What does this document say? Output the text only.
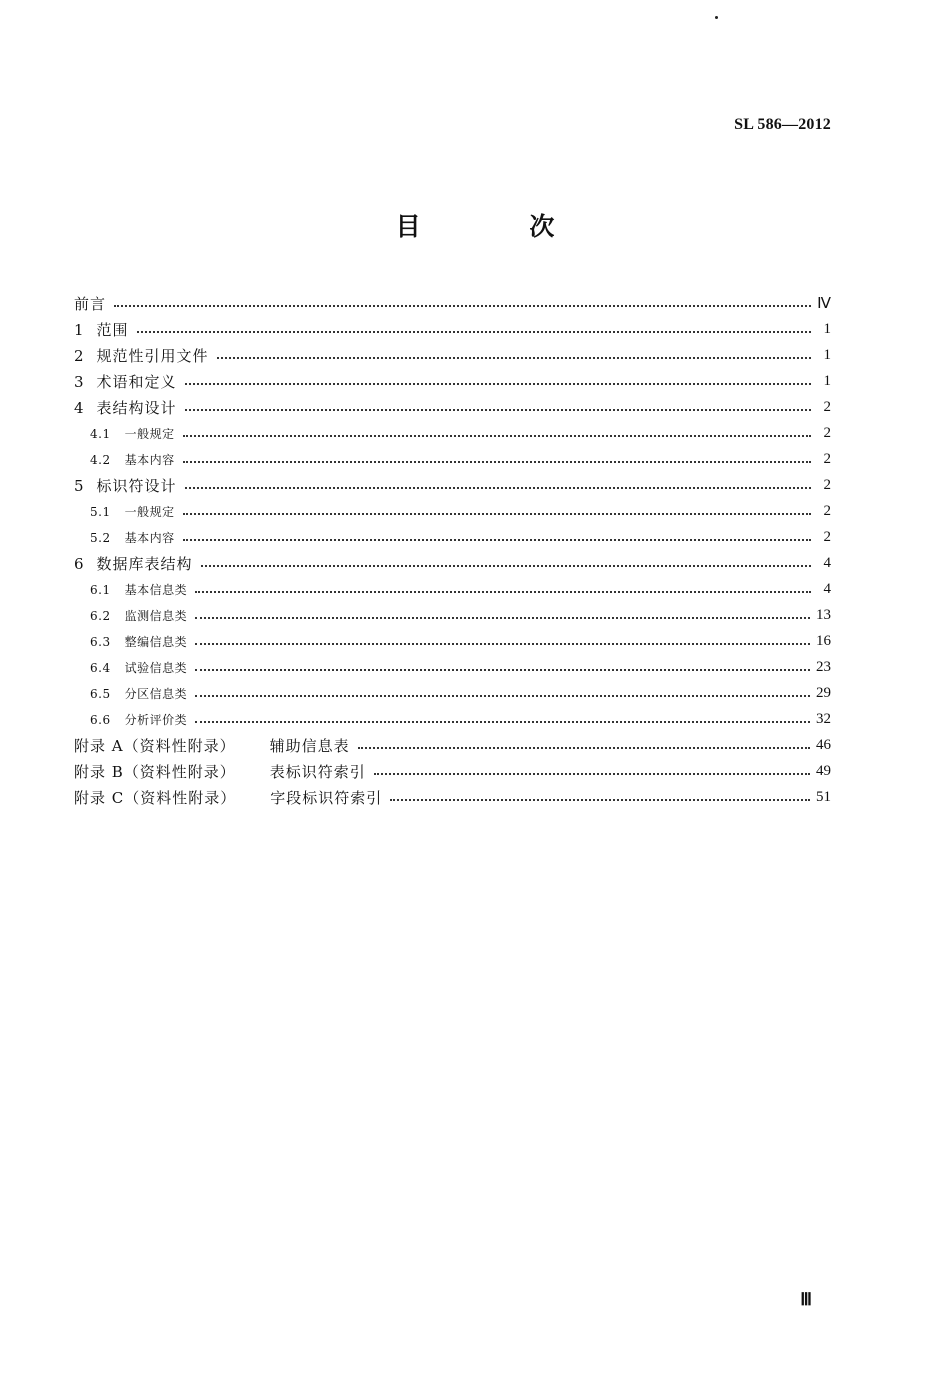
SL 586—2012
目 次
前言	Ⅳ
1 范围	1
2 规范性引用文件	1
3 术语和定义	1
4 表结构设计	2
4.1 一般规定	2
4.2 基本内容	2
5 标识符设计	2
5.1 一般规定	2
5.2 基本内容	2
6 数据库表结构	4
6.1 基本信息类	4
6.2 监测信息类	13
6.3 整编信息类	16
6.4 试验信息类	23
6.5 分区信息类	29
6.6 分析评价类	32
附录 A（资料性附录） 辅助信息表	46
附录 B（资料性附录） 表标识符索引	49
附录 C（资料性附录） 字段标识符索引	51
Ⅲ
